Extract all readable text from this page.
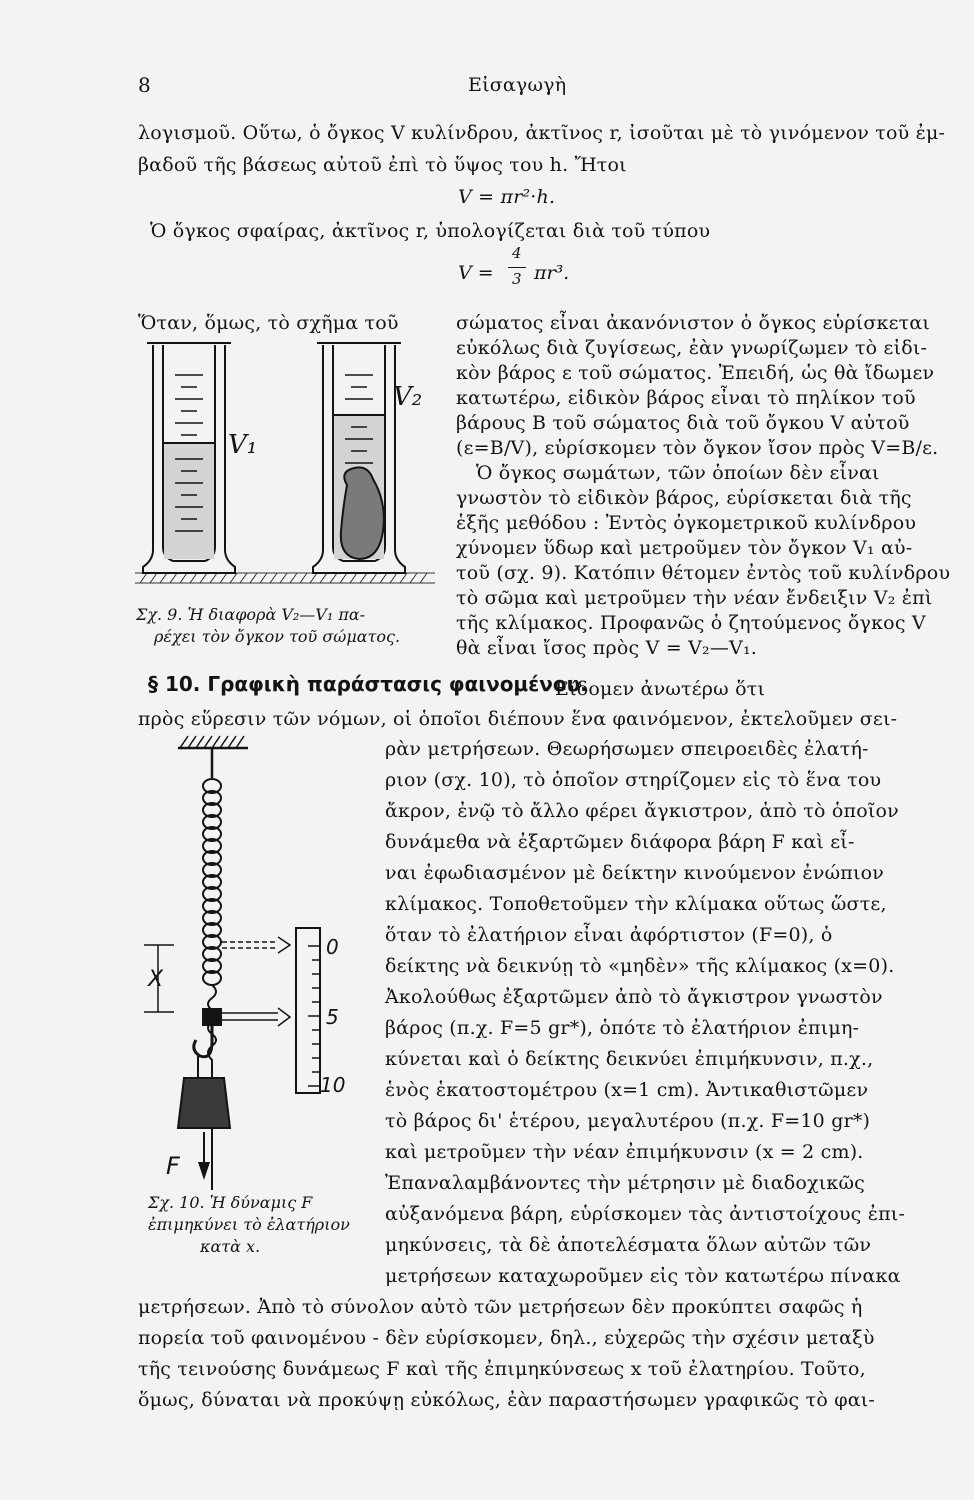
8	Εἰσαγωγὴ
λογισμοῦ. Οὕτω, ὁ ὄγκος V κυλίνδρου, ἀκτῖνος r, ἰσοῦται μὲ τὸ γινόμενον τοῦ ἐμ-
βαδοῦ τῆς βάσεως αὐτοῦ ἐπὶ τὸ ὕψος του h. Ἤτοι
V = πr²·h.
Ὁ ὄγκος σφαίρας, ἀκτῖνος r, ὑπολογίζεται διὰ τοῦ τύπου
V =
4
3 πr³.
Ὅταν, ὅμως, τὸ σχῆμα τοῦ	σώματος εἶναι ἀκανόνιστον ὁ ὄγκος εὑρίσκεται
εὐκόλως διὰ ζυγίσεως, ἐὰν γνωρίζωμεν τὸ εἰδι-
κὸν βάρος ε τοῦ σώματος. Ἐπειδή, ὡς θὰ ἴδωμεν
κατωτέρω, εἰδικὸν βάρος εἶναι τὸ πηλίκον τοῦ
βάρους Β τοῦ σώματος διὰ τοῦ ὄγκου V αὐτοῦ
(ε=B/V), εὑρίσκομεν τὸν ὄγκον ἴσον πρὸς V=B/ε.
Ὁ ὄγκος σωμάτων, τῶν ὁποίων δὲν εἶναι
γνωστὸν τὸ εἰδικὸν βάρος, εὑρίσκεται διὰ τῆς
ἑξῆς μεθόδου : Ἐντὸς ὀγκομετρικοῦ κυλίνδρου
χύνομεν ὕδωρ καὶ μετροῦμεν τὸν ὄγκον V₁ αὐ-
τοῦ (σχ. 9). Κατόπιν θέτομεν ἐντὸς τοῦ κυλίνδρου
τὸ σῶμα καὶ μετροῦμεν τὴν νέαν ἔνδειξιν V₂ ἐπὶ
τῆς κλίμακος. Προφανῶς ὁ ζητούμενος ὄγκος V
θὰ εἶναι ἴσος πρὸς V = V₂—V₁.
V₁
V₂
Σχ. 9. Ἡ διαφορὰ V₂—V₁ πα-
ρέχει τὸν ὄγκον τοῦ σώματος.
§ 10. Γραφικὴ παράστασις φαινομένου.
Εἴδομεν ἀνωτέρω ὅτι
πρὸς εὕρεσιν τῶν νόμων, οἱ ὁποῖοι διέπουν ἕνα φαινόμενον, ἐκτελοῦμεν σει-
ρὰν μετρήσεων. Θεωρήσωμεν σπειροειδὲς ἐλατή-
ριον (σχ. 10), τὸ ὁποῖον στηρίζομεν εἰς τὸ ἕνα του
ἄκρον, ἐνῷ τὸ ἄλλο φέρει ἄγκιστρον, ἀπὸ τὸ ὁποῖον
δυνάμεθα νὰ ἐξαρτῶμεν διάφορα βάρη F καὶ εἶ-
ναι ἐφωδιασμένον μὲ δείκτην κινούμενον ἐνώπιον
κλίμακος. Τοποθετοῦμεν τὴν κλίμακα οὕτως ὥστε,
ὅταν τὸ ἐλατήριον εἶναι ἀφόρτιστον (F=0), ὁ
δείκτης νὰ δεικνύῃ τὸ «μηδὲν» τῆς κλίμακος (x=0).
Ἀκολούθως ἐξαρτῶμεν ἀπὸ τὸ ἄγκιστρον γνωστὸν
βάρος (π.χ. F=5 gr*), ὁπότε τὸ ἐλατήριον ἐπιμη-
κύνεται καὶ ὁ δείκτης δεικνύει ἐπιμήκυνσιν, π.χ.,
ἑνὸς ἑκατοστομέτρου (x=1 cm). Ἀντικαθιστῶμεν
τὸ βάρος δι' ἑτέρου, μεγαλυτέρου (π.χ. F=10 gr*)
καὶ μετροῦμεν τὴν νέαν ἐπιμήκυνσιν (x = 2 cm).
Ἐπαναλαμβάνοντες τὴν μέτρησιν μὲ διαδοχικῶς
αὐξανόμενα βάρη, εὑρίσκομεν τὰς ἀντιστοίχους ἐπι-
μηκύνσεις, τὰ δὲ ἀποτελέσματα ὅλων αὐτῶν τῶν
μετρήσεων καταχωροῦμεν εἰς τὸν κατωτέρω πίνακα
μετρήσεων. Ἀπὸ τὸ σύνολον αὐτὸ τῶν μετρήσεων δὲν προκύπτει σαφῶς ἡ
πορεία τοῦ φαινομένου - δὲν εὑρίσκομεν, δηλ., εὐχερῶς τὴν σχέσιν μεταξὺ
τῆς τεινούσης δυνάμεως F καὶ τῆς ἐπιμηκύνσεως x τοῦ ἐλατηρίου. Τοῦτο,
ὅμως, δύναται νὰ προκύψῃ εὐκόλως, ἐὰν παραστήσωμεν γραφικῶς τὸ φαι-
X
F
0
5
10
Σχ. 10. Ἡ δύναμις F
ἐπιμηκύνει τὸ ἐλατήριον
κατὰ x.
